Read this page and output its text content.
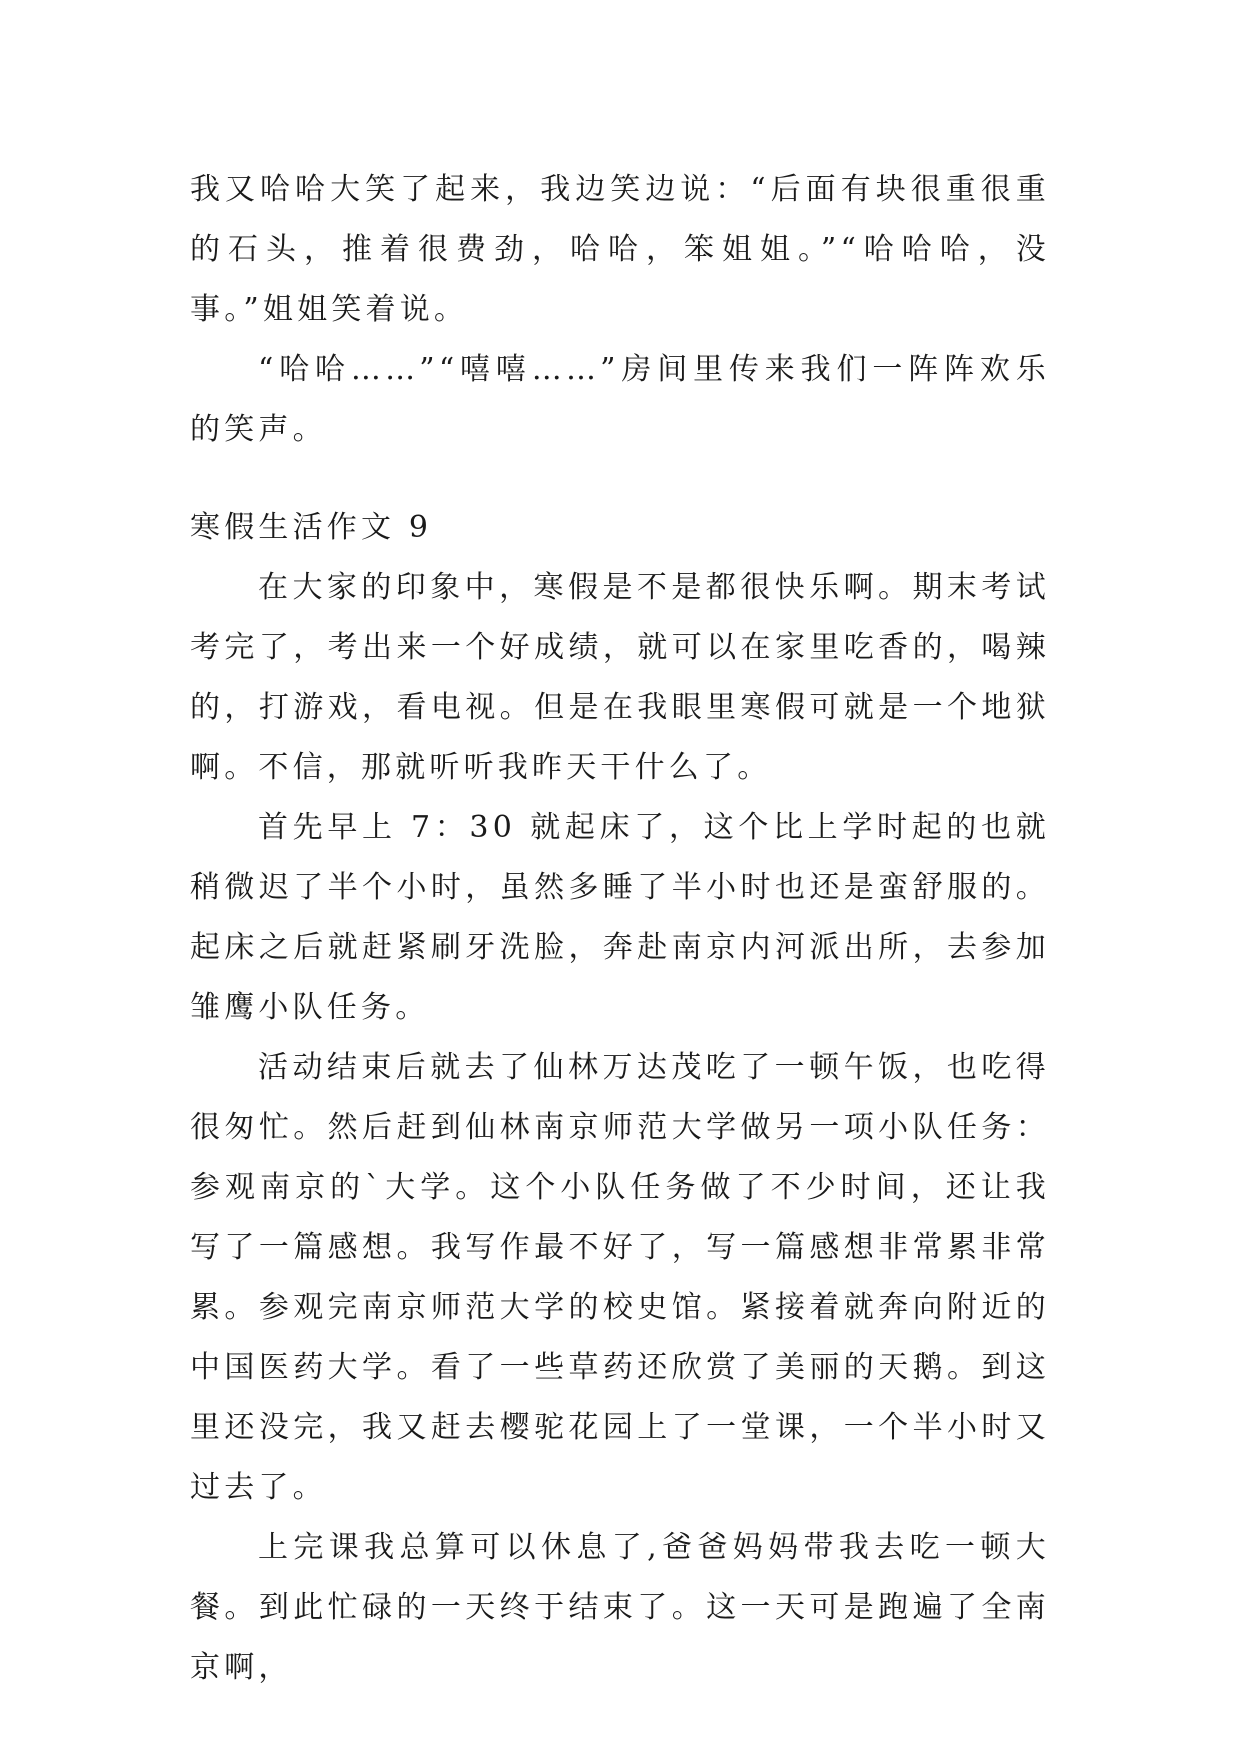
我又哈哈大笑了起来，我边笑边说：“后面有块很重很重的石头，推着很费劲，哈哈，笨姐姐。”“哈哈哈，没事。”姐姐笑着说。

“哈哈……”“嘻嘻……”房间里传来我们一阵阵欢乐的笑声。

寒假生活作文 9

在大家的印象中，寒假是不是都很快乐啊。期末考试考完了，考出来一个好成绩，就可以在家里吃香的，喝辣的，打游戏，看电视。但是在我眼里寒假可就是一个地狱啊。不信，那就听听我昨天干什么了。

首先早上 7：30 就起床了，这个比上学时起的也就稍微迟了半个小时，虽然多睡了半小时也还是蛮舒服的。起床之后就赶紧刷牙洗脸，奔赴南京内河派出所，去参加雏鹰小队任务。

活动结束后就去了仙林万达茂吃了一顿午饭，也吃得很匆忙。然后赶到仙林南京师范大学做另一项小队任务：参观南京的`大学。这个小队任务做了不少时间，还让我写了一篇感想。我写作最不好了，写一篇感想非常累非常累。参观完南京师范大学的校史馆。紧接着就奔向附近的中国医药大学。看了一些草药还欣赏了美丽的天鹅。到这里还没完，我又赶去樱驼花园上了一堂课，一个半小时又过去了。

上完课我总算可以休息了,爸爸妈妈带我去吃一顿大餐。到此忙碌的一天终于结束了。这一天可是跑遍了全南京啊，
